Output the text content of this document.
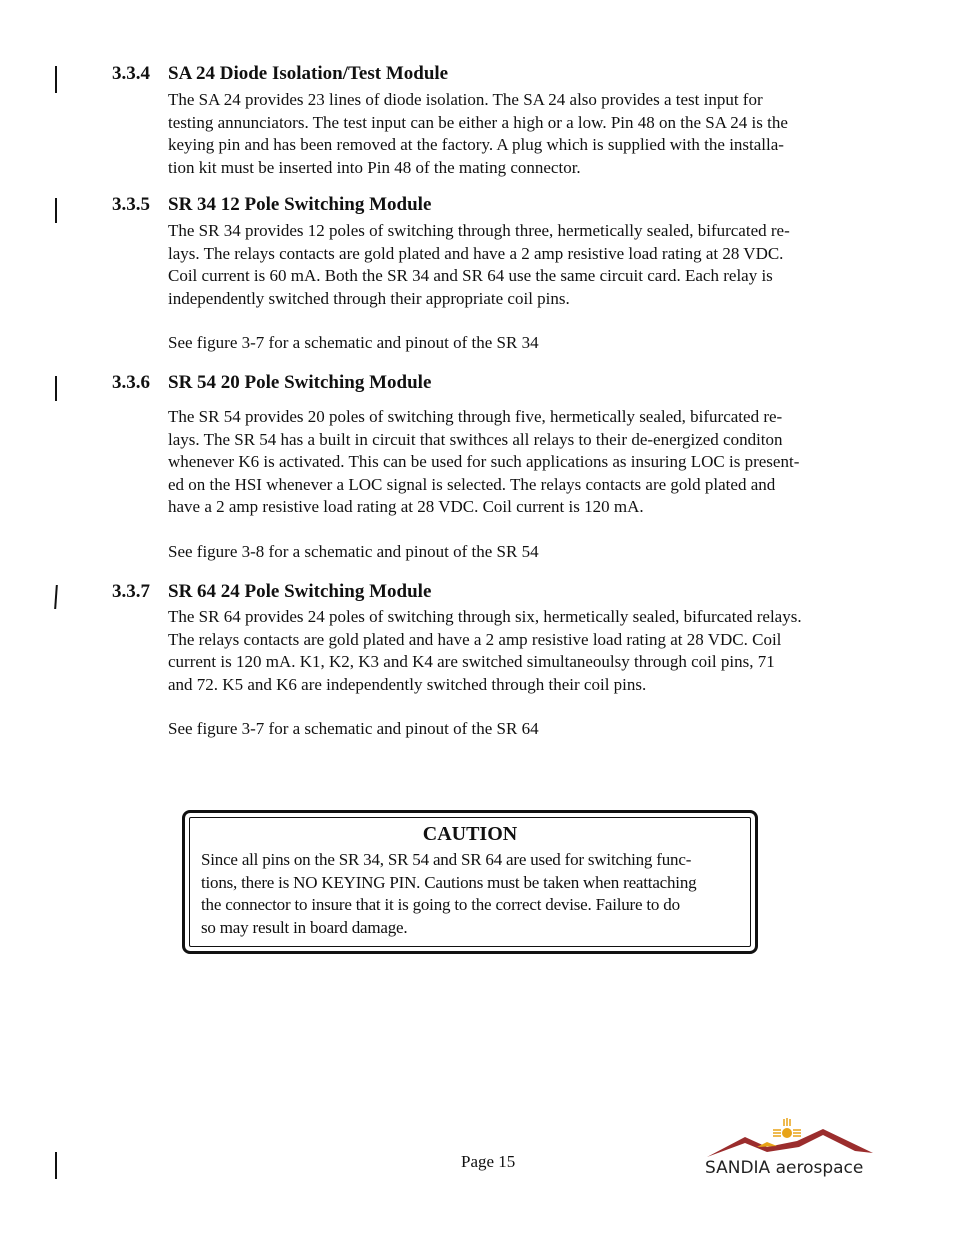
3.3.4 SA 24 Diode Isolation/Test Module

The SA 24 provides 23 lines of diode isolation. The SA 24 also provides a test input for
testing annunciators. The test input can be either a high or a low. Pin 48 on the SA 24 is the
keying pin and has been removed at the factory. A plug which is supplied with the installa-
tion kit must be inserted into Pin 48 of the mating connector.

3.3.5 SR 34 12 Pole Switching Module

The SR 34 provides 12 poles of switching through three, hermetically sealed, bifurcated re-
lays. The relays contacts are gold plated and have a 2 amp resistive load rating at 28 VDC.
Coil current is 60 mA. Both the SR 34 and SR 64 use the same circuit card. Each relay is
independently switched through their appropriate coil pins.

See figure 3-7 for a schematic and pinout of the SR 34

3.3.6 SR 54 20 Pole Switching Module

The SR 54 provides 20 poles of switching through five, hermetically sealed, bifurcated re-
lays. The SR 54 has a built in circuit that swithces all relays to their de-energized conditon
whenever K6 is activated. This can be used for such applications as insuring LOC is present-
ed on the HSI whenever a LOC signal is selected. The relays contacts are gold plated and
have a 2 amp resistive load rating at 28 VDC. Coil current is 120 mA.

See figure 3-8 for a schematic and pinout of the SR 54

3.3.7 SR 64 24 Pole Switching Module

The SR 64 provides 24 poles of switching through six, hermetically sealed, bifurcated relays.
The relays contacts are gold plated and have a 2 amp resistive load rating at 28 VDC. Coil
current is 120 mA. K1, K2, K3 and K4 are switched simultaneoulsy through coil pins, 71
and 72. K5 and K6 are independently switched through their coil pins.

See figure 3-7 for a schematic and pinout of the SR 64

CAUTION
Since all pins on the SR 34, SR 54 and SR 64 are used for switching func-
tions, there is NO KEYING PIN. Cautions must be taken when reattaching
the connector to insure that it is going to the correct devise. Failure to do
so may result in board damage.
Page 15	SANDIA aerospace
